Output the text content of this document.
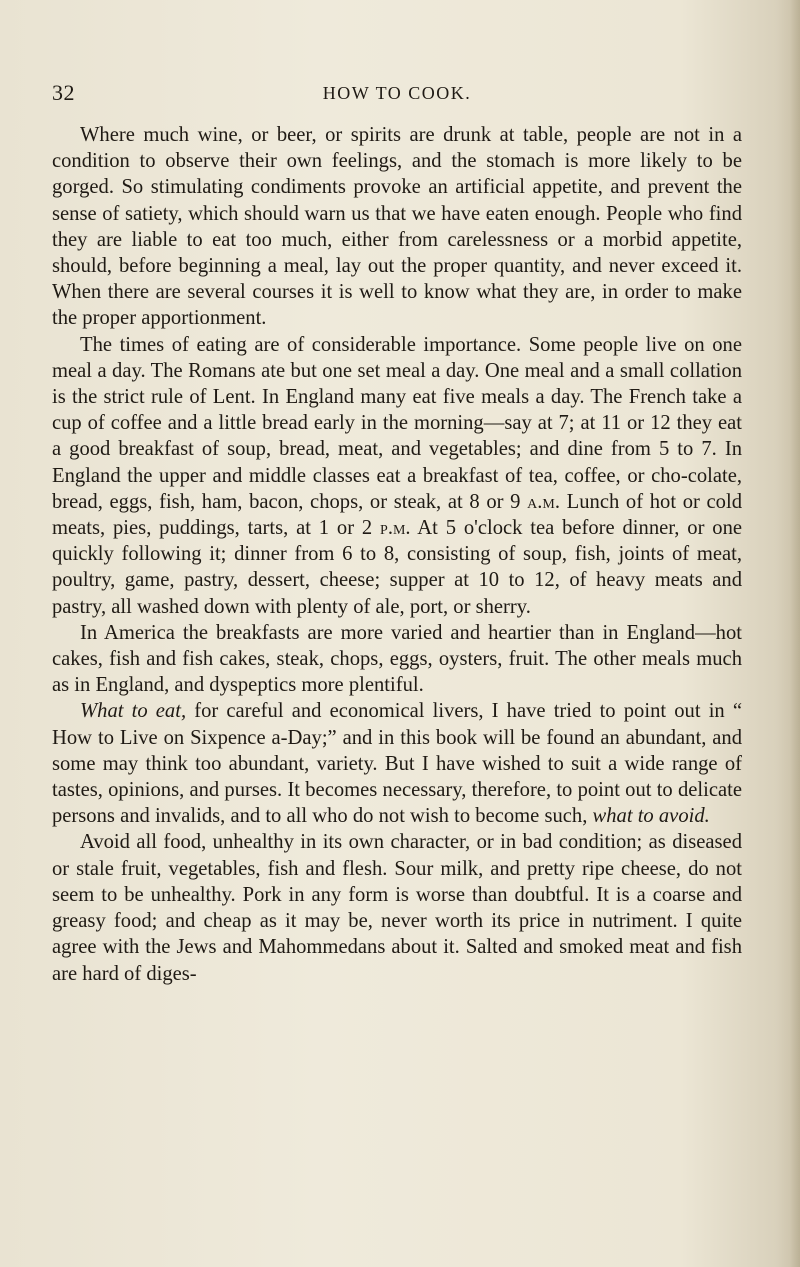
32	HOW TO COOK.

Where much wine, or beer, or spirits are drunk at table, people are not in a condition to observe their own feelings, and the stomach is more likely to be gorged. So stimulating condiments provoke an artificial appetite, and prevent the sense of satiety, which should warn us that we have eaten enough. People who find they are liable to eat too much, either from carelessness or a morbid appetite, should, before beginning a meal, lay out the proper quantity, and never exceed it. When there are several courses it is well to know what they are, in order to make the proper apportionment.

The times of eating are of considerable importance. Some people live on one meal a day. The Romans ate but one set meal a day. One meal and a small collation is the strict rule of Lent. In England many eat five meals a day. The French take a cup of coffee and a little bread early in the morning—say at 7; at 11 or 12 they eat a good breakfast of soup, bread, meat, and vegetables; and dine from 5 to 7. In England the upper and middle classes eat a breakfast of tea, coffee, or cho-colate, bread, eggs, fish, ham, bacon, chops, or steak, at 8 or 9 a.m. Lunch of hot or cold meats, pies, puddings, tarts, at 1 or 2 p.m. At 5 o'clock tea before dinner, or one quickly following it; dinner from 6 to 8, consisting of soup, fish, joints of meat, poultry, game, pastry, dessert, cheese; supper at 10 to 12, of heavy meats and pastry, all washed down with plenty of ale, port, or sherry.

In America the breakfasts are more varied and heartier than in England—hot cakes, fish and fish cakes, steak, chops, eggs, oysters, fruit. The other meals much as in England, and dyspeptics more plentiful.

What to eat, for careful and economical livers, I have tried to point out in “ How to Live on Sixpence a-Day;” and in this book will be found an abundant, and some may think too abundant, variety. But I have wished to suit a wide range of tastes, opinions, and purses. It becomes necessary, therefore, to point out to delicate persons and invalids, and to all who do not wish to become such, what to avoid.

Avoid all food, unhealthy in its own character, or in bad condition; as diseased or stale fruit, vegetables, fish and flesh. Sour milk, and pretty ripe cheese, do not seem to be unhealthy. Pork in any form is worse than doubtful. It is a coarse and greasy food; and cheap as it may be, never worth its price in nutriment. I quite agree with the Jews and Mahommedans about it. Salted and smoked meat and fish are hard of diges-
